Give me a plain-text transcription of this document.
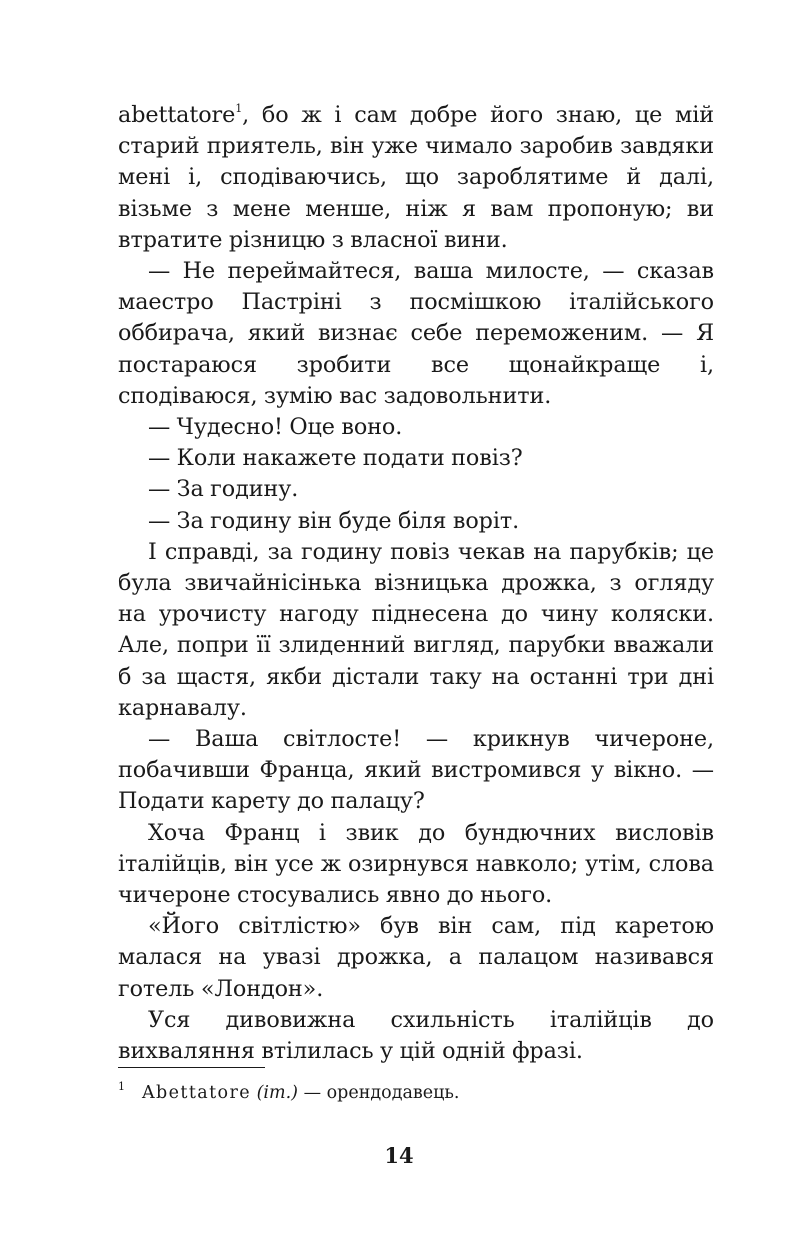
abettatore$^1$, бо ж і сам добре його знаю, це мій старий приятель, він уже чимало заробив завдяки мені і, сподіваючись, що зароблятиме й далі, візьме з мене менше, ніж я вам пропоную; ви втратите різницю з власної вини.

— Не переймайтеся, ваша милосте, — сказав маестро Пастріні з посмішкою італійського оббирача, який визнає себе переможеним. — Я постараюся зробити все щонайкраще і, сподіваюся, зумію вас задовольнити.

— Чудесно! Оце воно.

— Коли накажете подати повіз?

— За годину.

— За годину він буде біля воріт.

І справді, за годину повіз чекав на парубків; це була звичайнісінька візницька дрожка, з огляду на урочисту нагоду піднесена до чину коляски. Але, попри її злиденний вигляд, парубки вважали б за щастя, якби дістали таку на останні три дні карнавалу.

— Ваша світлосте! — крикнув чичероне, побачивши Франца, який вистромився у вікно. — Подати карету до палацу?

Хоча Франц і звик до бундючних висловів італійців, він усе ж озирнувся навколо; утім, слова чичероне стосувались явно до нього.

«Його світлістю» був він сам, під каретою малася на увазі дрожка, а палацом називався готель «Лондон».

Уся дивовижна схильність італійців до вихваляння втілилась у цій одній фразі.

1 Abettatore (іт.) — орендодавець.
14
